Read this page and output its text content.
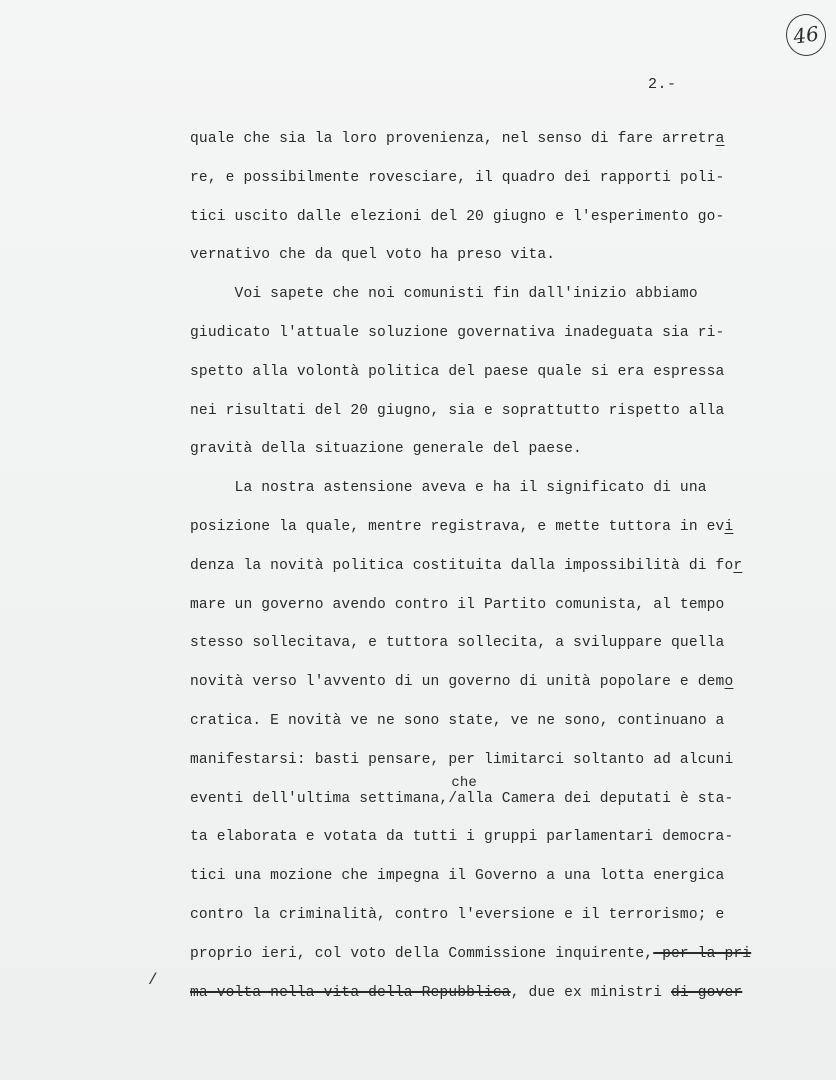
46
2.-
/
quale che sia la loro provenienza, nel senso di fare arretra
re, e possibilmente rovesciare, il quadro dei rapporti poli-
tici uscito dalle elezioni del 20 giugno e l'esperimento go-
vernativo che da quel voto ha preso vita.
Voi sapete che noi comunisti fin dall'inizio abbiamo
giudicato l'attuale soluzione governativa inadeguata sia ri-
spetto alla volontà politica del paese quale si era espressa
nei risultati del 20 giugno, sia e soprattutto rispetto alla
gravità della situazione generale del paese.
La nostra astensione aveva e ha il significato di una
posizione la quale, mentre registrava, e mette tuttora in evi
denza la novità politica costituita dalla impossibilità di for
mare un governo avendo contro il Partito comunista, al tempo
stesso sollecitava, e tuttora sollecita, a sviluppare quella
novità verso l'avvento di un governo di unità popolare e demo
cratica. E novità ve ne sono state, ve ne sono, continuano a
manifestarsi: basti pensare, per limitarci soltanto ad alcuni
eventi dell'ultima settimana,
che
/alla Camera dei deputati è sta-
ta elaborata e votata da tutti i gruppi parlamentari democra-
tici una mozione che impegna il Governo a una lotta energica
contro la criminalità, contro l'eversione e il terrorismo; e
proprio ieri, col voto della Commissione inquirente, per la pri
ma volta nella vita della Repubblica, due ex ministri di gover
